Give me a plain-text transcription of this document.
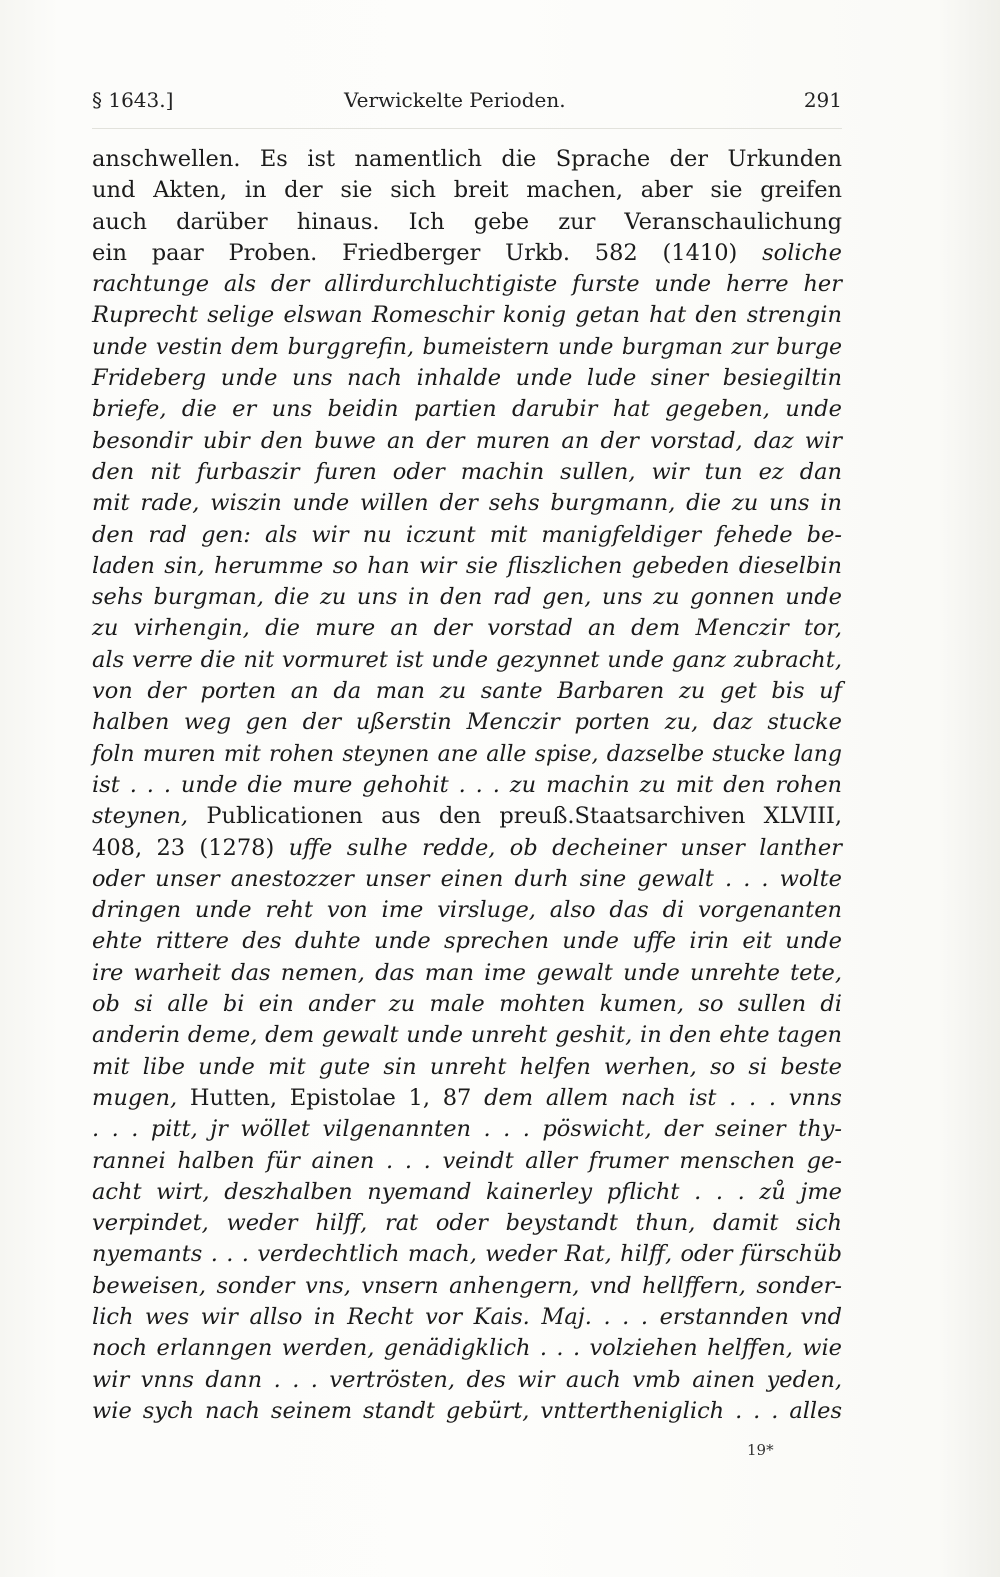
§ 1643.]	Verwickelte Perioden.	291
anschwellen. Es ist namentlich die Sprache der Urkunden
und Akten, in der sie sich breit machen, aber sie greifen
auch darüber hinaus. Ich gebe zur Veranschaulichung
ein paar Proben. Friedberger Urkb. 582 (1410) soliche
rachtunge als der allirdurchluchtigiste furste unde herre her
Ruprecht selige elswan Romeschir konig getan hat den strengin
unde vestin dem burggrefin, bumeistern unde burgman zur burge
Frideberg unde uns nach inhalde unde lude siner besiegiltin
briefe, die er uns beidin partien darubir hat gegeben, unde
besondir ubir den buwe an der muren an der vorstad, daz wir
den nit furbaszir furen oder machin sullen, wir tun ez dan
mit rade, wiszin unde willen der sehs burgmann, die zu uns in
den rad gen: als wir nu iczunt mit manigfeldiger fehede be-
laden sin, herumme so han wir sie fliszlichen gebeden dieselbin
sehs burgman, die zu uns in den rad gen, uns zu gonnen unde
zu virhengin, die mure an der vorstad an dem Menczir tor,
als verre die nit vormuret ist unde gezynnet unde ganz zubracht,
von der porten an da man zu sante Barbaren zu get bis uf
halben weg gen der ußerstin Menczir porten zu, daz stucke
foln muren mit rohen steynen ane alle spise, dazselbe stucke lang
ist . . . unde die mure gehohit . . . zu machin zu mit den rohen
steynen, Publicationen aus den preuß.Staatsarchiven XLVIII,
408, 23 (1278) uffe sulhe redde, ob decheiner unser lanther
oder unser anestozzer unser einen durh sine gewalt . . . wolte
dringen unde reht von ime virsluge, also das di vorgenanten
ehte rittere des duhte unde sprechen unde uffe irin eit unde
ire warheit das nemen, das man ime gewalt unde unrehte tete,
ob si alle bi ein ander zu male mohten kumen, so sullen di
anderin deme, dem gewalt unde unreht geshit, in den ehte tagen
mit libe unde mit gute sin unreht helfen werhen, so si beste
mugen, Hutten, Epistolae 1, 87 dem allem nach ist . . . vnns
. . . pitt, jr wöllet vilgenannten . . . pöswicht, der seiner thy-
rannei halben für ainen . . . veindt aller frumer menschen ge-
acht wirt, deszhalben nyemand kainerley pflicht . . . zů jme
verpindet, weder hilff, rat oder beystandt thun, damit sich
nyemants . . . verdechtlich mach, weder Rat, hilff, oder fürschüb
beweisen, sonder vns, vnsern anhengern, vnd hellffern, sonder-
lich wes wir allso in Recht vor Kais. Maj. . . . erstannden vnd
noch erlanngen werden, genädigklich . . . volziehen helffen, wie
wir vnns dann . . . vertrösten, des wir auch vmb ainen yeden,
wie sych nach seinem standt gebürt, vnttertheniglich . . . alles
19*
